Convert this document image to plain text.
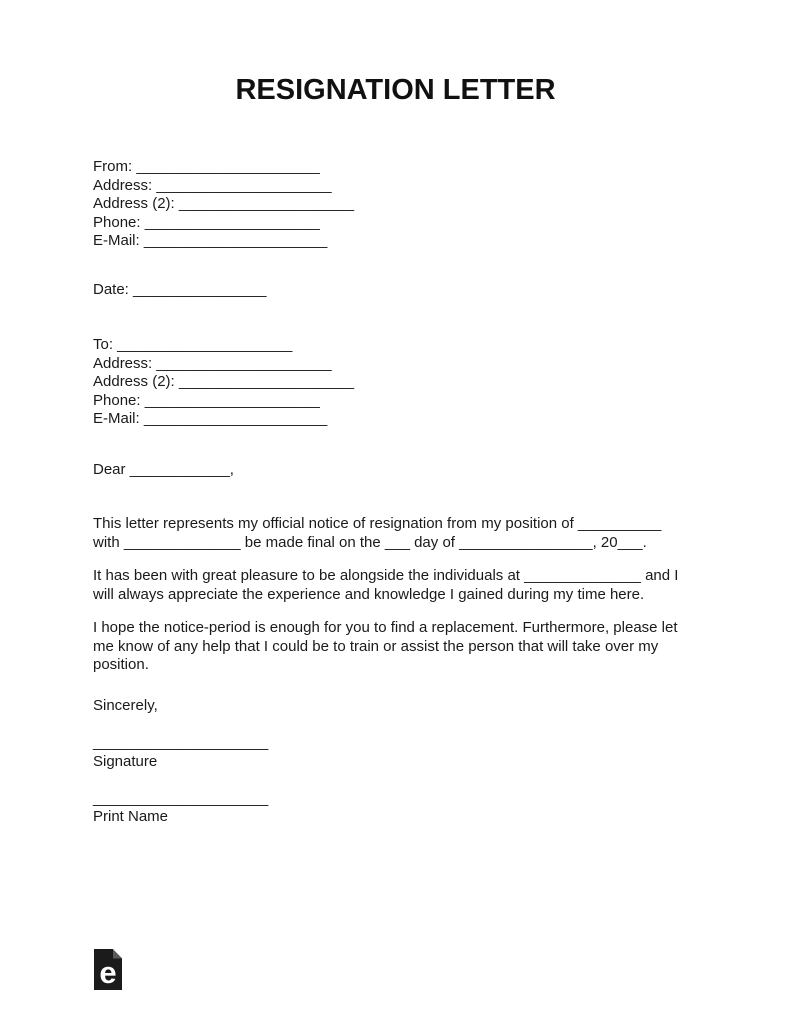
RESIGNATION LETTER
From: ______________________
Address: _____________________
Address (2): _____________________
Phone: _____________________
E-Mail: ______________________
Date: ________________
To: _____________________
Address: _____________________
Address (2): _____________________
Phone: _____________________
E-Mail: ______________________
Dear ____________,
This letter represents my official notice of resignation from my position of __________
with ______________ be made final on the ___ day of ________________, 20___.
It has been with great pleasure to be alongside the individuals at ______________ and I
will always appreciate the experience and knowledge I gained during my time here.
I hope the notice-period is enough for you to find a replacement. Furthermore, please let
me know of any help that I could be to train or assist the person that will take over my
position.
Sincerely,
_____________________
Signature
_____________________
Print Name
e
